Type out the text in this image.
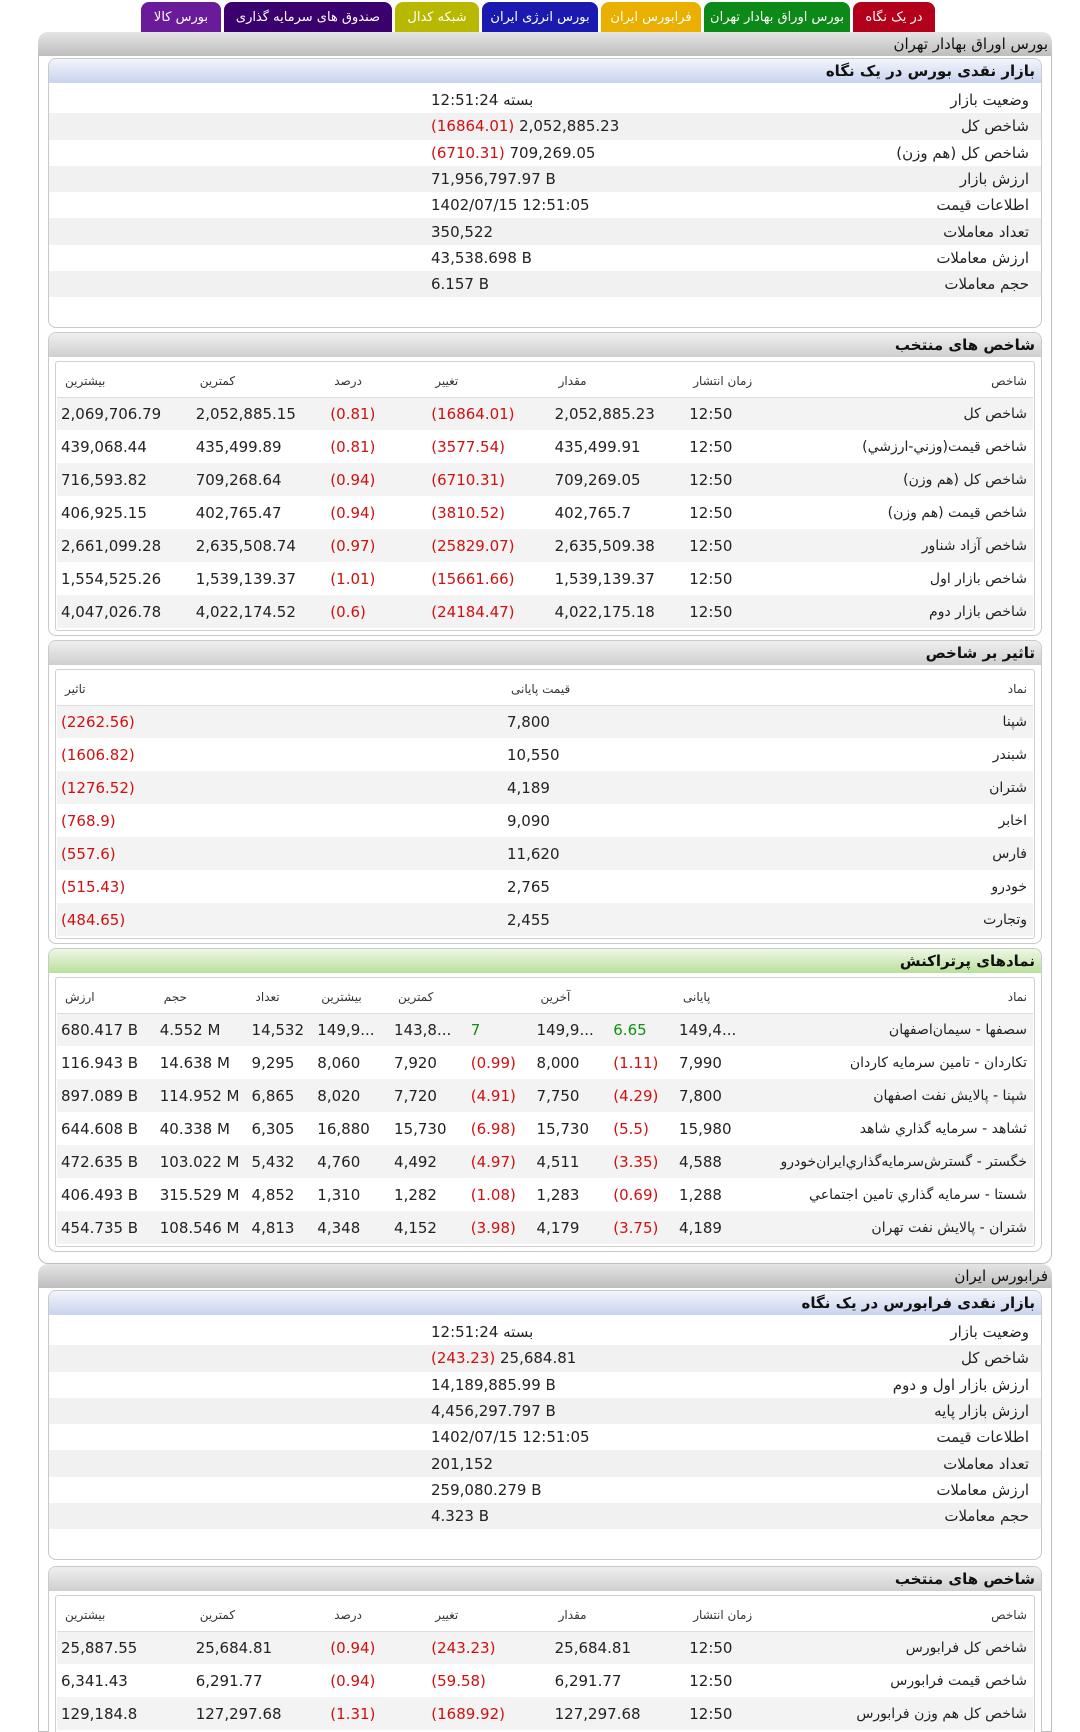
در یک نگاه
بورس اوراق بهادار تهران
فرابورس ایران
بورس انرژی ایران
شبکه کدال
صندوق های سرمایه گذاری
بورس کالا
بورس اوراق بهادار تهران
بازار نقدی بورس در یک نگاه
وضعیت بازار
بسته 12:51:24
شاخص کل
(16864.01) 2,052,885.23
شاخص کل (هم وزن)
(6710.31) 709,269.05
ارزش بازار
71,956,797.97 B
اطلاعات قیمت
1402/07/15 12:51:05
تعداد معاملات
350,522
ارزش معاملات
43,538.698 B
حجم معاملات
6.157 B
شاخص های منتخب
شاخص	زمان انتشار	مقدار	تغییر	درصد	کمترین	بیشترین
شاخص کل	12:50	2,052,885.23	(16864.01)	(0.81)	2,052,885.15	2,069,706.79
شاخص قیمت(وزني-ارزشي)	12:50	435,499.91	(3577.54)	(0.81)	435,499.89	439,068.44
شاخص کل (هم وزن)	12:50	709,269.05	(6710.31)	(0.94)	709,268.64	716,593.82
شاخص قیمت (هم وزن)	12:50	402,765.7	(3810.52)	(0.94)	402,765.47	406,925.15
شاخص آزاد شناور	12:50	2,635,509.38	(25829.07)	(0.97)	2,635,508.74	2,661,099.28
شاخص بازار اول	12:50	1,539,139.37	(15661.66)	(1.01)	1,539,139.37	1,554,525.26
شاخص بازار دوم	12:50	4,022,175.18	(24184.47)	(0.6)	4,022,174.52	4,047,026.78
تاثیر بر شاخص
نماد	قیمت پایانی	تاثیر
شپنا	7,800	(2262.56)
شبندر	10,550	(1606.82)
شتران	4,189	(1276.52)
اخابر	9,090	(768.9)
فارس	11,620	(557.6)
خودرو	2,765	(515.43)
وتجارت	2,455	(484.65)
نمادهای پرتراکنش
نماد	پایانی		آخرین		کمترین	بیشترین	تعداد	حجم	ارزش
سصفها - سیمان‌اصفهان	149,4...	6.65	149,9...	7	143,8...	149,9...	14,532	4.552 M	680.417 B
تکاردان - تامین سرمایه کاردان	7,990	(1.11)	8,000	(0.99)	7,920	8,060	9,295	14.638 M	116.943 B
شپنا - پالایش نفت اصفهان	7,800	(4.29)	7,750	(4.91)	7,720	8,020	6,865	114.952 M	897.089 B
ثشاهد - سرمايه گذاري شاهد	15,980	(5.5)	15,730	(6.98)	15,730	16,880	6,305	40.338 M	644.608 B
خگستر - گسترش‌سرمايه‌گذاري‌ايران‌خودرو	4,588	(3.35)	4,511	(4.97)	4,492	4,760	5,432	103.022 M	472.635 B
شستا - سرمايه گذاري تامين اجتماعي	1,288	(0.69)	1,283	(1.08)	1,282	1,310	4,852	315.529 M	406.493 B
شتران - پالایش نفت تهران	4,189	(3.75)	4,179	(3.98)	4,152	4,348	4,813	108.546 M	454.735 B
فرابورس ایران
بازار نقدی فرابورس در یک نگاه
وضعیت بازار
بسته 12:51:24
شاخص کل
(243.23) 25,684.81
ارزش بازار اول و دوم
14,189,885.99 B
ارزش بازار پایه
4,456,297.797 B
اطلاعات قیمت
1402/07/15 12:51:05
تعداد معاملات
201,152
ارزش معاملات
259,080.279 B
حجم معاملات
4.323 B
شاخص های منتخب
شاخص	زمان انتشار	مقدار	تغییر	درصد	کمترین	بیشترین
شاخص کل فرابورس	12:50	25,684.81	(243.23)	(0.94)	25,684.81	25,887.55
شاخص قیمت فرابورس	12:50	6,291.77	(59.58)	(0.94)	6,291.77	6,341.43
شاخص کل هم وزن فرابورس	12:50	127,297.68	(1689.92)	(1.31)	127,297.68	129,184.8
